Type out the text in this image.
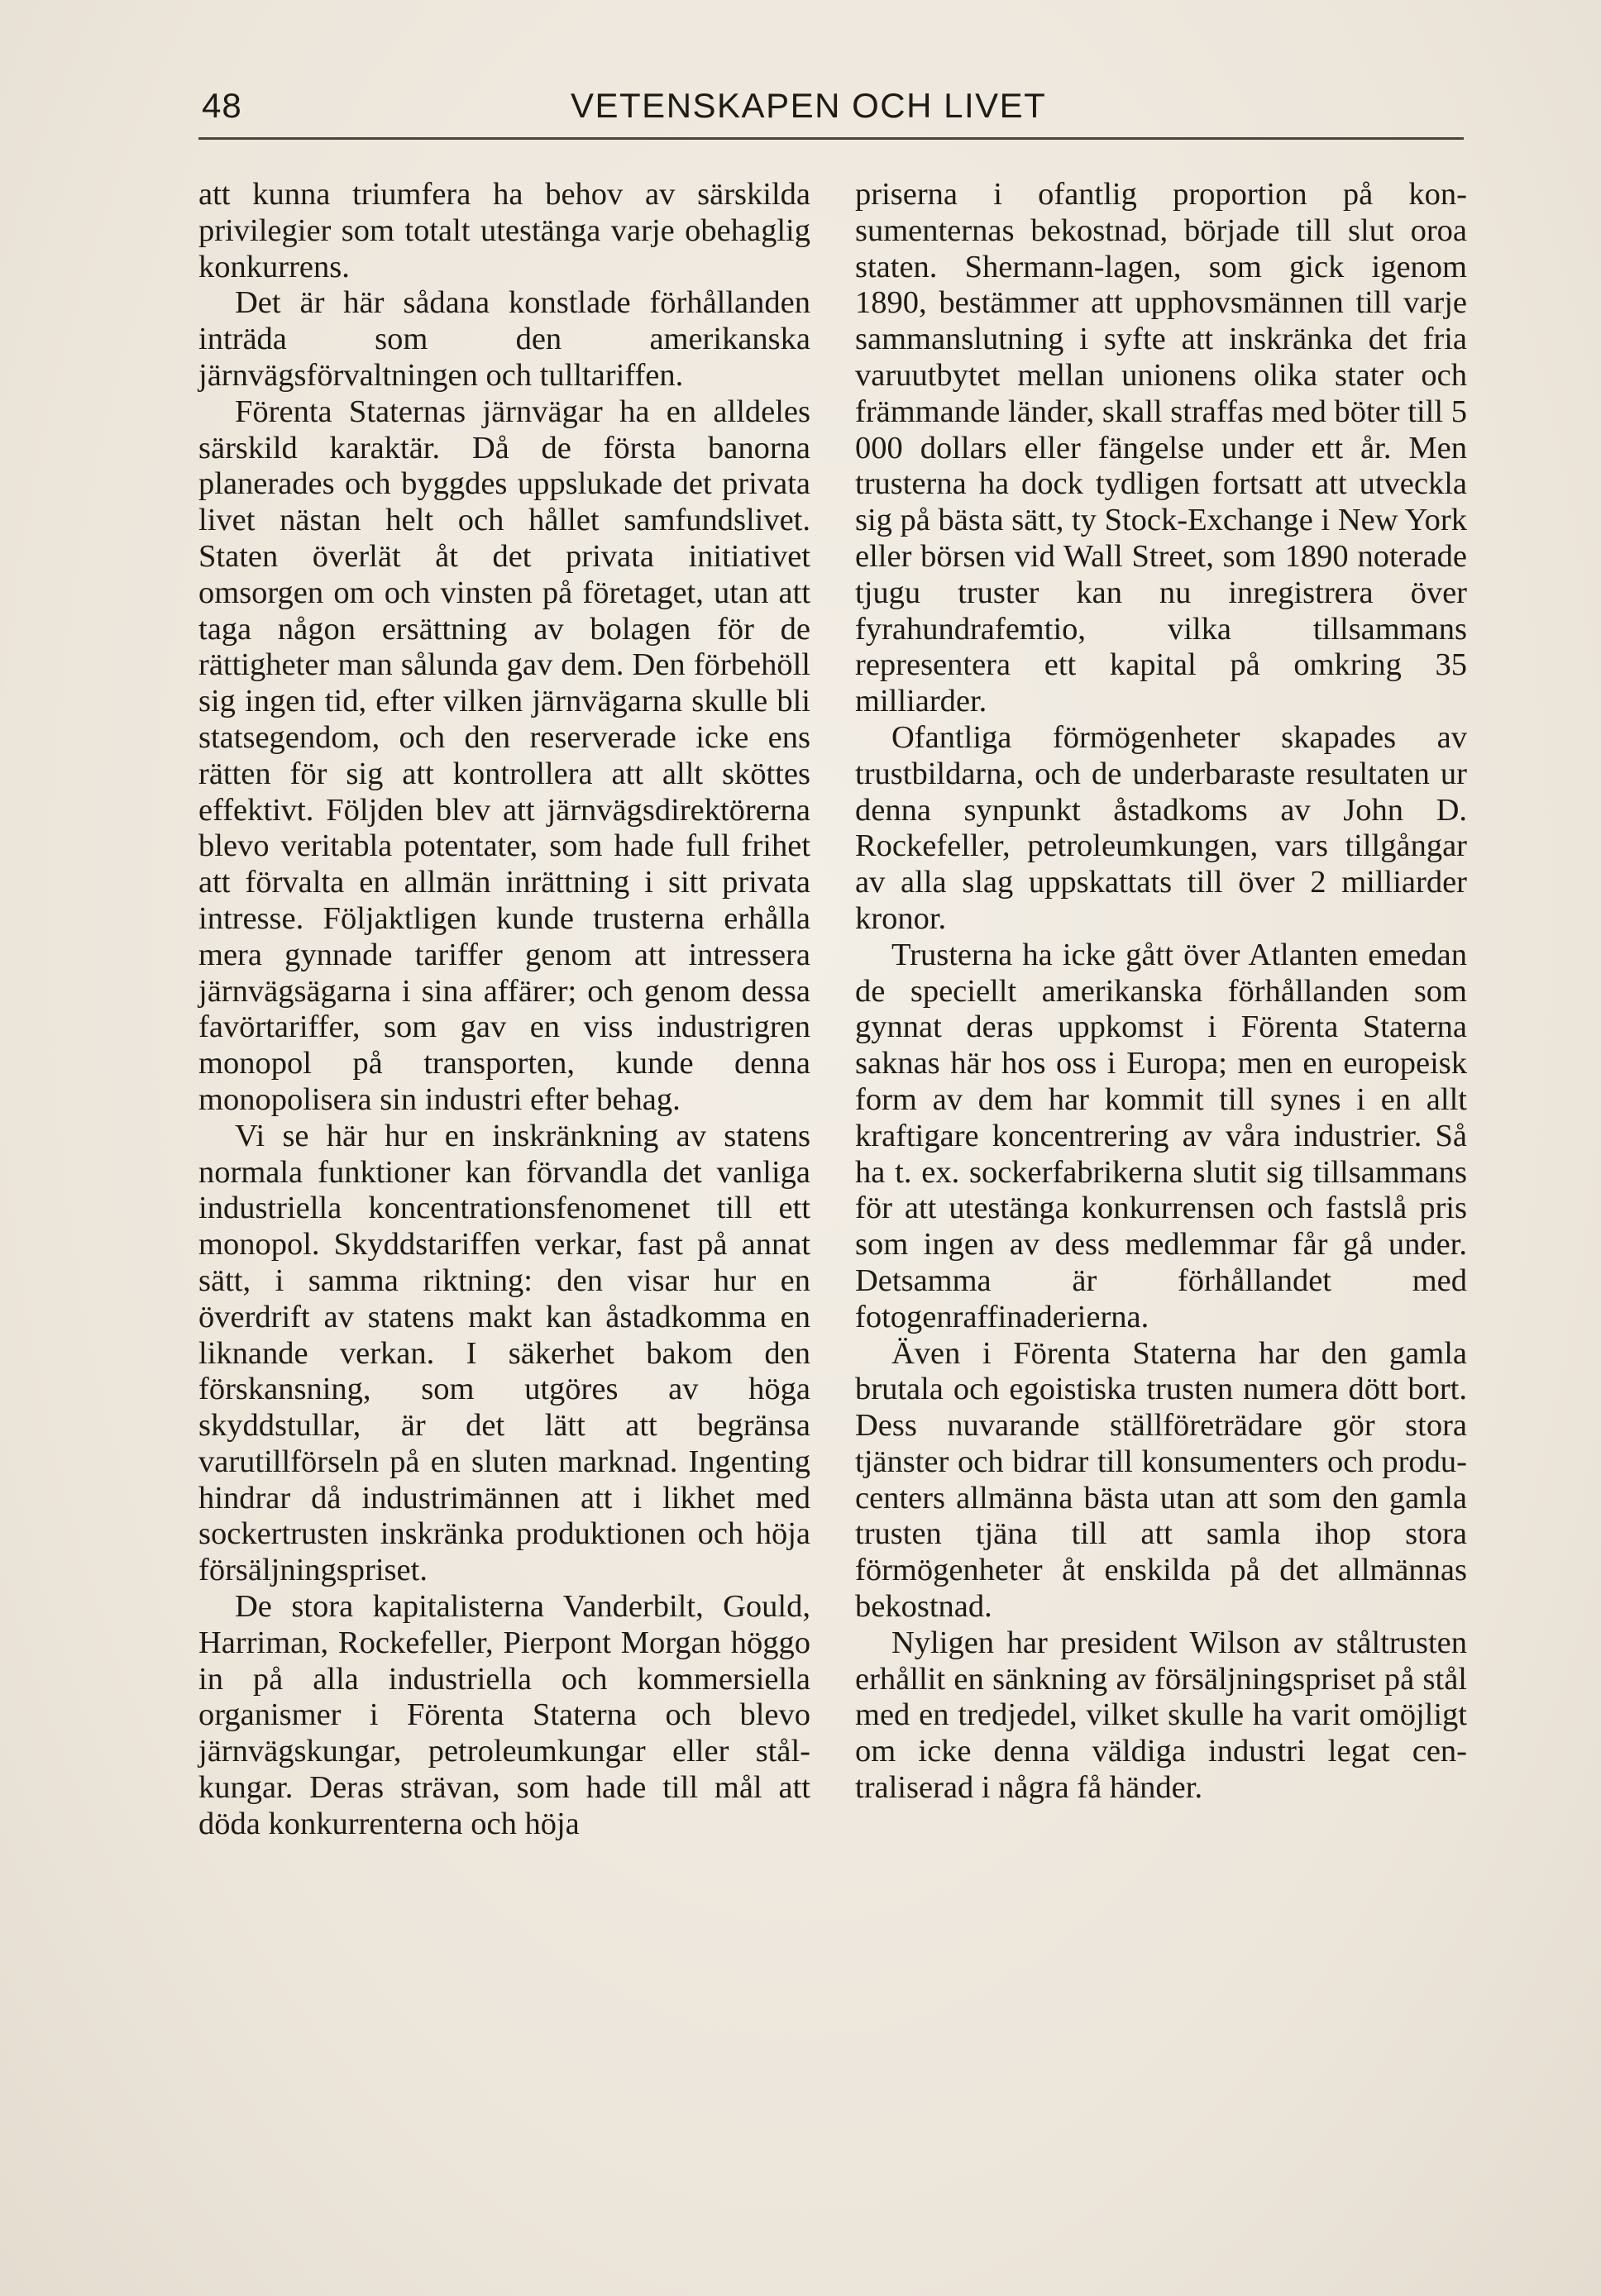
48	VETENSKAPEN OCH LIVET

att kunna triumfera ha behov av särskilda privilegier som totalt utestänga varje obehaglig konkurrens.

Det är här sådana konstlade förhållanden inträda som den amerikanska järnvägsförvaltningen och tulltariffen.

Förenta Staternas järnvägar ha en alldeles särskild karaktär. Då de första banorna planerades och byggdes uppslukade det privata livet nästan helt och hållet samfundslivet. Staten överlät åt det privata initiativet omsorgen om och vinsten på företaget, utan att taga någon ersättning av bolagen för de rättigheter man sålunda gav dem. Den förbehöll sig ingen tid, efter vilken järnvägarna skulle bli statsegendom, och den reserverade icke ens rätten för sig att kontrollera att allt sköttes effektivt. Följden blev att järnvägsdirektörerna blevo veritabla potentater, som hade full frihet att förvalta en allmän inrättning i sitt privata intresse. Följaktligen kunde trusterna erhålla mera gynnade tariffer genom att intressera järnvägsägarna i sina affärer; och genom dessa favörtariffer, som gav en viss industrigren monopol på transporten, kunde denna monopolisera sin industri efter behag.

Vi se här hur en inskränkning av statens normala funktioner kan förvandla det vanliga industriella koncentrationsfenomenet till ett monopol. Skyddstariffen verkar, fast på annat sätt, i samma riktning: den visar hur en överdrift av statens makt kan åstadkomma en liknande verkan. I säkerhet bakom den förskansning, som utgöres av höga skyddstullar, är det lätt att begränsa varutillförseln på en sluten marknad. Ingenting hindrar då industrimännen att i likhet med sockertrusten inskränka produktionen och höja försäljningspriset.

De stora kapitalisterna Vanderbilt, Gould, Harriman, Rockefeller, Pierpont Morgan höggo in på alla industriella och kommersiella organismer i Förenta Staterna och blevo järnvägskungar, petroleumkungar eller stålkungar. Deras strävan, som hade till mål att döda konkurrenterna och höja

priserna i ofantlig proportion på konsumenternas bekostnad, började till slut oroa staten. Shermann-lagen, som gick igenom 1890, bestämmer att upphovsmännen till varje sammanslutning i syfte att inskränka det fria varuutbytet mellan unionens olika stater och främmande länder, skall straffas med böter till 5 000 dollars eller fängelse under ett år. Men trusterna ha dock tydligen fortsatt att utveckla sig på bästa sätt, ty Stock-Exchange i New York eller börsen vid Wall Street, som 1890 noterade tjugu truster kan nu inregistrera över fyrahundrafemtio, vilka tillsammans representera ett kapital på omkring 35 milliarder.

Ofantliga förmögenheter skapades av trustbildarna, och de underbaraste resultaten ur denna synpunkt åstadkoms av John D. Rockefeller, petroleumkungen, vars tillgångar av alla slag uppskattats till över 2 milliarder kronor.

Trusterna ha icke gått över Atlanten emedan de speciellt amerikanska förhållanden som gynnat deras uppkomst i Förenta Staterna saknas här hos oss i Europa; men en europeisk form av dem har kommit till synes i en allt kraftigare koncentrering av våra industrier. Så ha t. ex. sockerfabrikerna slutit sig tillsammans för att utestänga konkurrensen och fastslå pris som ingen av dess medlemmar får gå under. Detsamma är förhållandet med fotogenraffinaderierna.

Även i Förenta Staterna har den gamla brutala och egoistiska trusten numera dött bort. Dess nuvarande ställföreträdare gör stora tjänster och bidrar till konsumenters och producenters allmänna bästa utan att som den gamla trusten tjäna till att samla ihop stora förmögenheter åt enskilda på det allmännas bekostnad.

Nyligen har president Wilson av ståltrusten erhållit en sänkning av försäljningspriset på stål med en tredjedel, vilket skulle ha varit omöjligt om icke denna väldiga industri legat centraliserad i några få händer.
